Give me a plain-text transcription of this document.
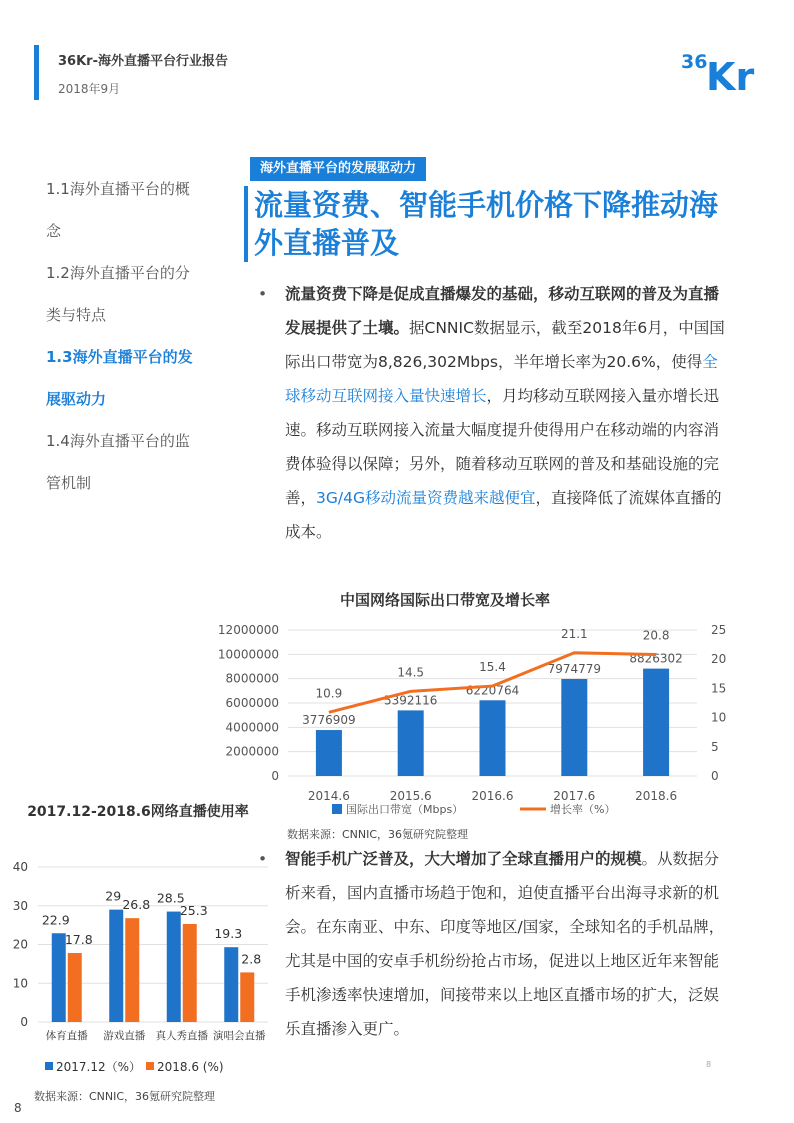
36Kr-海外直播平台行业报告
2018年9月
36
Kr
1.1海外直播平台的概
念
1.2海外直播平台的分
类与特点
1.3海外直播平台的发
展驱动力
1.4海外直播平台的监
管机制
海外直播平台的发展驱动力
流量资费、智能手机价格下降推动海外直播普及
• 流量资费下降是促成直播爆发的基础，移动互联网的普及为直播发展提供了土壤。据CNNIC数据显示，截至2018年6月，中国国际出口带宽为8,826,302Mbps，半年增长率为20.6%，使得全球移动互联网接入量快速增长，月均移动互联网接入量亦增长迅速。移动互联网接入流量大幅度提升使得用户在移动端的内容消费体验得以保障；另外，随着移动互联网的普及和基础设施的完善，3G/4G移动流量资费越来越便宜，直接降低了流媒体直播的成本。
中国网络国际出口带宽及增长率
0
2000000
4000000
6000000
8000000
10000000
12000000
0
5
10
15
20
25
3776909
10.9
2014.6
5392116
14.5
2015.6
6220764
15.4
2016.6
7974779
21.1
2017.6
8826302
20.8
2018.6
国际出口带宽（Mbps）	增长率（%）
数据来源：CNNIC，36氪研究院整理
2017.12-2018.6网络直播使用率
0
10
20
30
40
22.9
17.8
体育直播
29
26.8
游戏直播
28.5
25.3
真人秀直播
19.3
2.8
演唱会直播
2017.12（%） 2018.6 (%)
数据来源：CNNIC，36氪研究院整理
• 智能手机广泛普及，大大增加了全球直播用户的规模。从数据分析来看，国内直播市场趋于饱和，迫使直播平台出海寻求新的机会。在东南亚、中东、印度等地区/国家，全球知名的手机品牌，尤其是中国的安卓手机纷纷抢占市场，促进以上地区近年来智能手机渗透率快速增加，间接带来以上地区直播市场的扩大，泛娱乐直播渗入更广。
8
8
